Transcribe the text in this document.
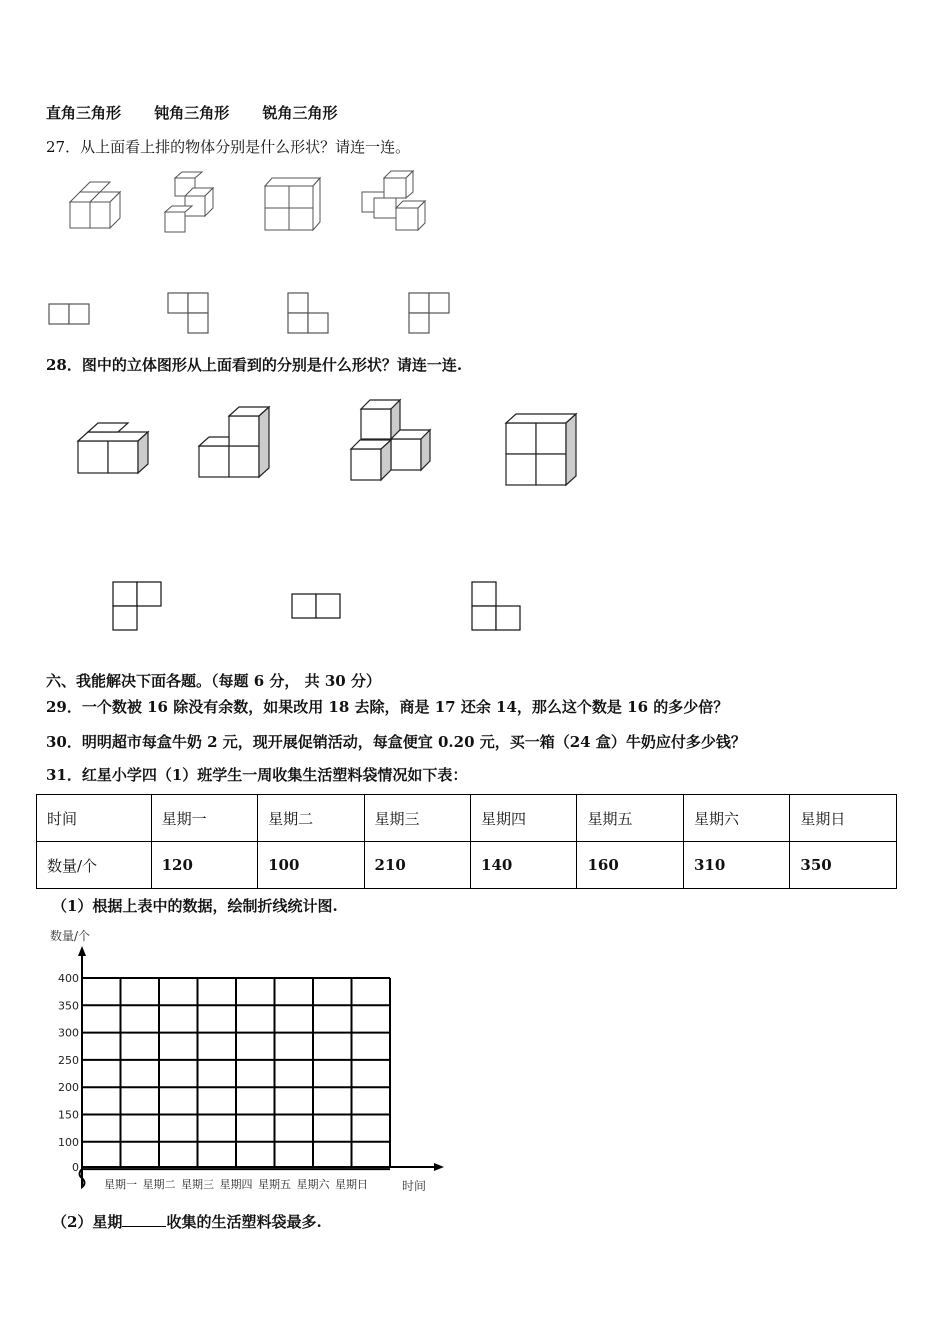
直角三角形 钝角三角形 锐角三角形
27．从上面看上排的物体分别是什么形状？请连一连。
28．图中的立体图形从上面看到的分别是什么形状？请连一连.
六、我能解决下面各题。（每题 6 分， 共 30 分）
29．一个数被 16 除没有余数，如果改用 18 去除，商是 17 还余 14，那么这个数是 16 的多少倍？
30．明明超市每盒牛奶 2 元，现开展促销活动，每盒便宜 0.20 元，买一箱（24 盒）牛奶应付多少钱？
31．红星小学四（1）班学生一周收集生活塑料袋情况如下表：
时间	星期一	星期二	星期三	星期四	星期五	星期六	星期日
数量/个	120	100	210	140	160	310	350
（1）根据上表中的数据，绘制折线统计图.
数量/个
时间
0
100
150
200
250
300
350
400
星期一 星期二 星期三 星期四 星期五 星期六 星期日
（2）星期	收集的生活塑料袋最多.
